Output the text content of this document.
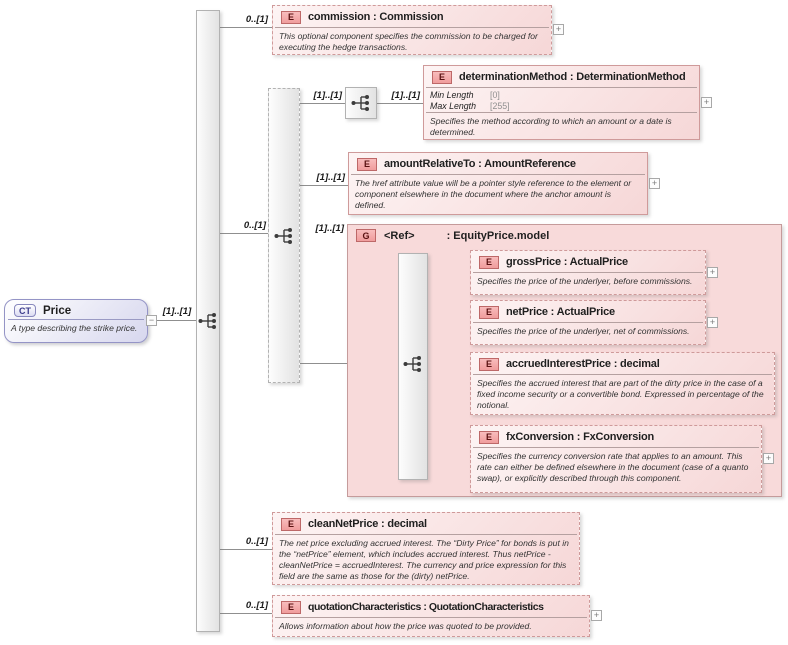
[1]..[1]
0..[1]
0..[1]
[1]..[1]	[1]..[1]
[1]..[1]
[1]..[1]
0..[1]
0..[1]
CT	Price
A type describing the strike price.
−
E	commission : Commission
This optional component specifies the commission to be charged for executing the hedge transactions.
+
E	determinationMethod : DeterminationMethod
Min Length	[0]
Max Length	[255]
Specifies the method according to which an amount or a date is determined.
+
E	amountRelativeTo : AmountReference
The href attribute value will be a pointer style reference to the element or component elsewhere in the document where the anchor amount is defined.
+
G	<Ref>	: EquityPrice.model
E	grossPrice : ActualPrice
Specifies the price of the underlyer, before commissions.
+
E	netPrice : ActualPrice
Specifies the price of the underlyer, net of commissions.
+
E	accruedInterestPrice : decimal
Specifies the accrued interest that are part of the dirty price in the case of a fixed income security or a convertible bond. Expressed in percentage of the notional.
E	fxConversion : FxConversion
Specifies the currency conversion rate that applies to an amount. This rate can either be defined elsewhere in the document (case of a quanto swap), or explicitly described through this component.
+
E	cleanNetPrice : decimal
The net price excluding accrued interest. The “Dirty Price” for bonds is put in the “netPrice” element, which includes accrued interest. Thus netPrice - cleanNetPrice = accruedInterest. The currency and price expression for this field are the same as those for the (dirty) netPrice.
E	quotationCharacteristics : QuotationCharacteristics
Allows information about how the price was quoted to be provided.
+
